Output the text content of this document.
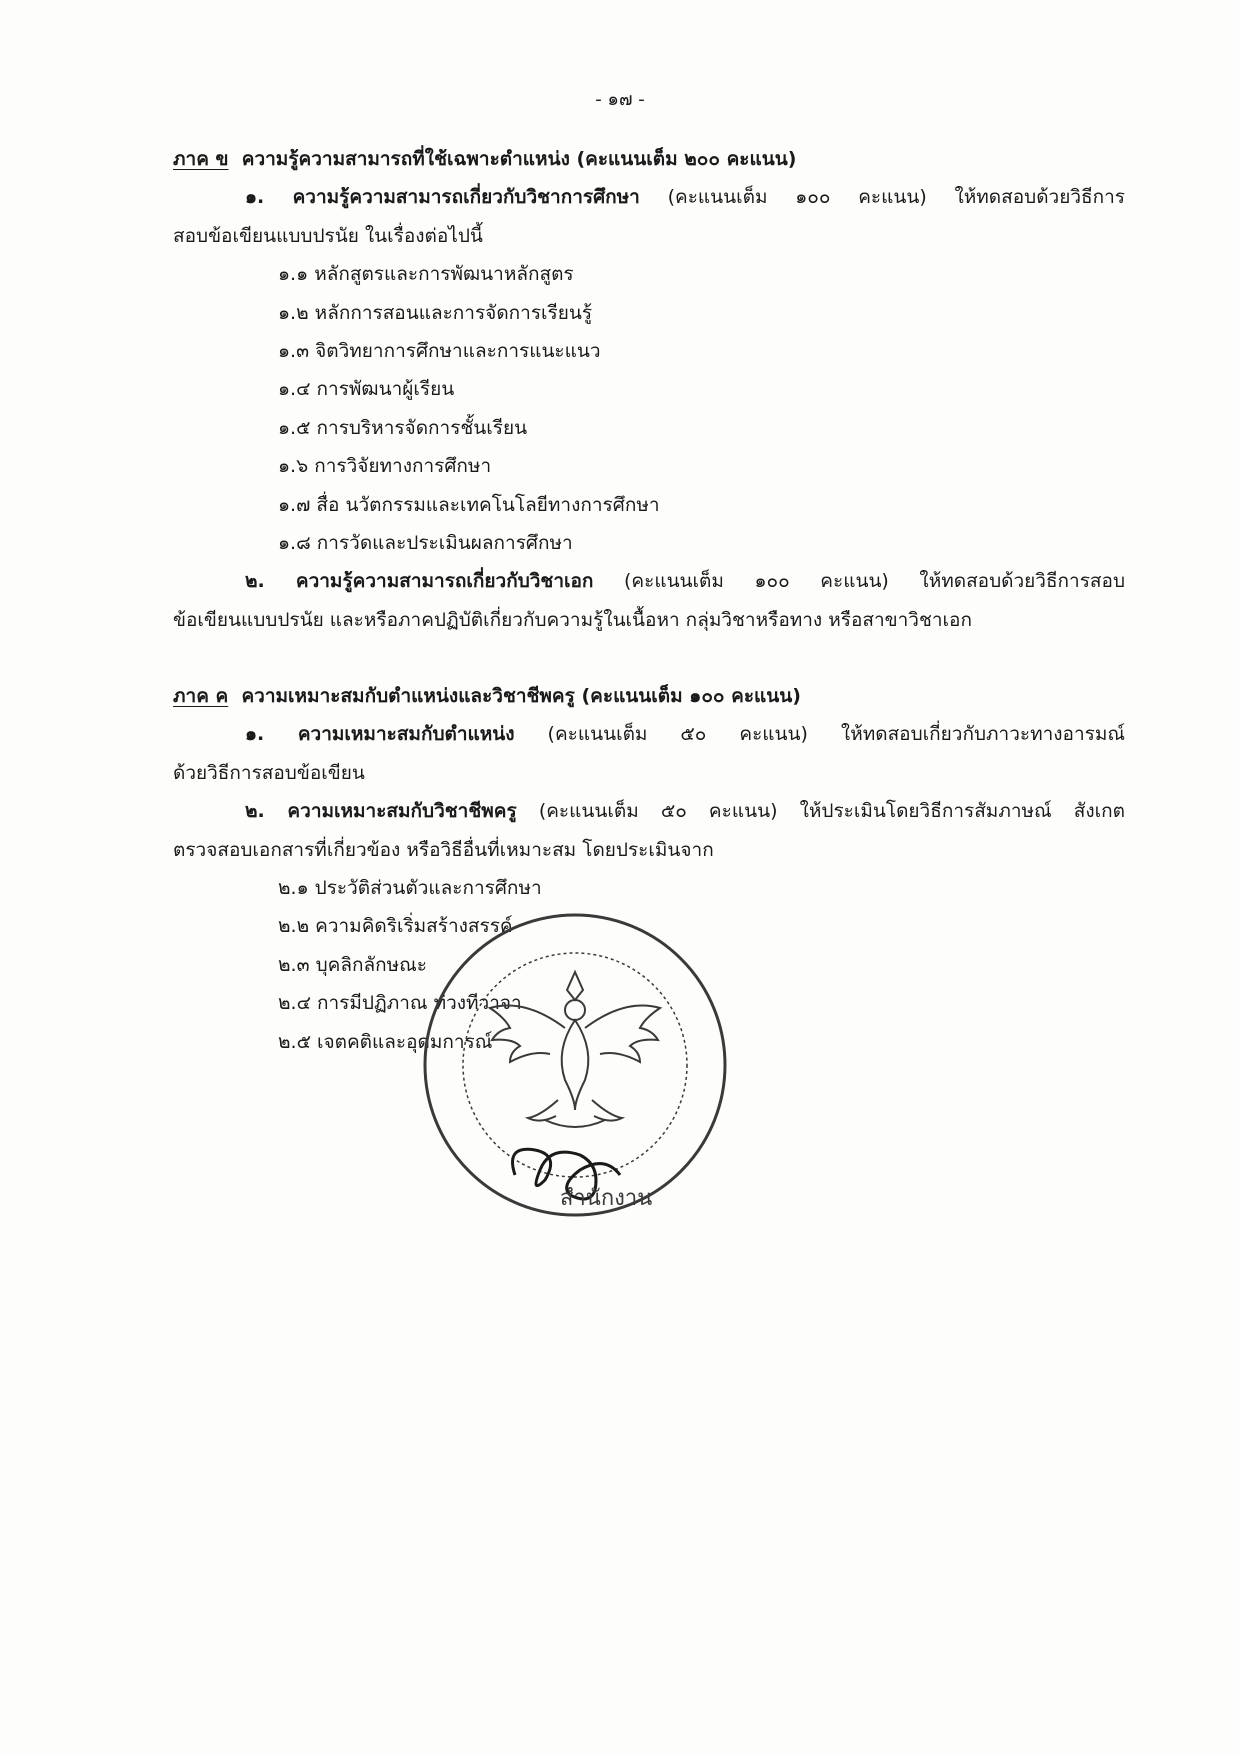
- ๑๗ -
ภาค ข ความรู้ความสามารถที่ใช้เฉพาะตำแหน่ง (คะแนนเต็ม ๒๐๐ คะแนน)
๑. ความรู้ความสามารถเกี่ยวกับวิชาการศึกษา (คะแนนเต็ม ๑๐๐ คะแนน) ให้ทดสอบด้วยวิธีการ
สอบข้อเขียนแบบปรนัย ในเรื่องต่อไปนี้
๑.๑ หลักสูตรและการพัฒนาหลักสูตร
๑.๒ หลักการสอนและการจัดการเรียนรู้
๑.๓ จิตวิทยาการศึกษาและการแนะแนว
๑.๔ การพัฒนาผู้เรียน
๑.๕ การบริหารจัดการชั้นเรียน
๑.๖ การวิจัยทางการศึกษา
๑.๗ สื่อ นวัตกรรมและเทคโนโลยีทางการศึกษา
๑.๘ การวัดและประเมินผลการศึกษา
๒. ความรู้ความสามารถเกี่ยวกับวิชาเอก (คะแนนเต็ม ๑๐๐ คะแนน) ให้ทดสอบด้วยวิธีการสอบ
ข้อเขียนแบบปรนัย และหรือภาคปฏิบัติเกี่ยวกับความรู้ในเนื้อหา กลุ่มวิชาหรือทาง หรือสาขาวิชาเอก
ภาค ค ความเหมาะสมกับตำแหน่งและวิชาชีพครู (คะแนนเต็ม ๑๐๐ คะแนน)
๑. ความเหมาะสมกับตำแหน่ง (คะแนนเต็ม ๕๐ คะแนน) ให้ทดสอบเกี่ยวกับภาวะทางอารมณ์
ด้วยวิธีการสอบข้อเขียน
๒. ความเหมาะสมกับวิชาชีพครู (คะแนนเต็ม ๕๐ คะแนน) ให้ประเมินโดยวิธีการสัมภาษณ์ สังเกต
ตรวจสอบเอกสารที่เกี่ยวข้อง หรือวิธีอื่นที่เหมาะสม โดยประเมินจาก
๒.๑ ประวัติส่วนตัวและการศึกษา
๒.๒ ความคิดริเริ่มสร้างสรรค์
๒.๓ บุคลิกลักษณะ
๒.๔ การมีปฏิภาณ ท่วงทีวาจา
๒.๕ เจตคติและอุดมการณ์
สำนักงาน
